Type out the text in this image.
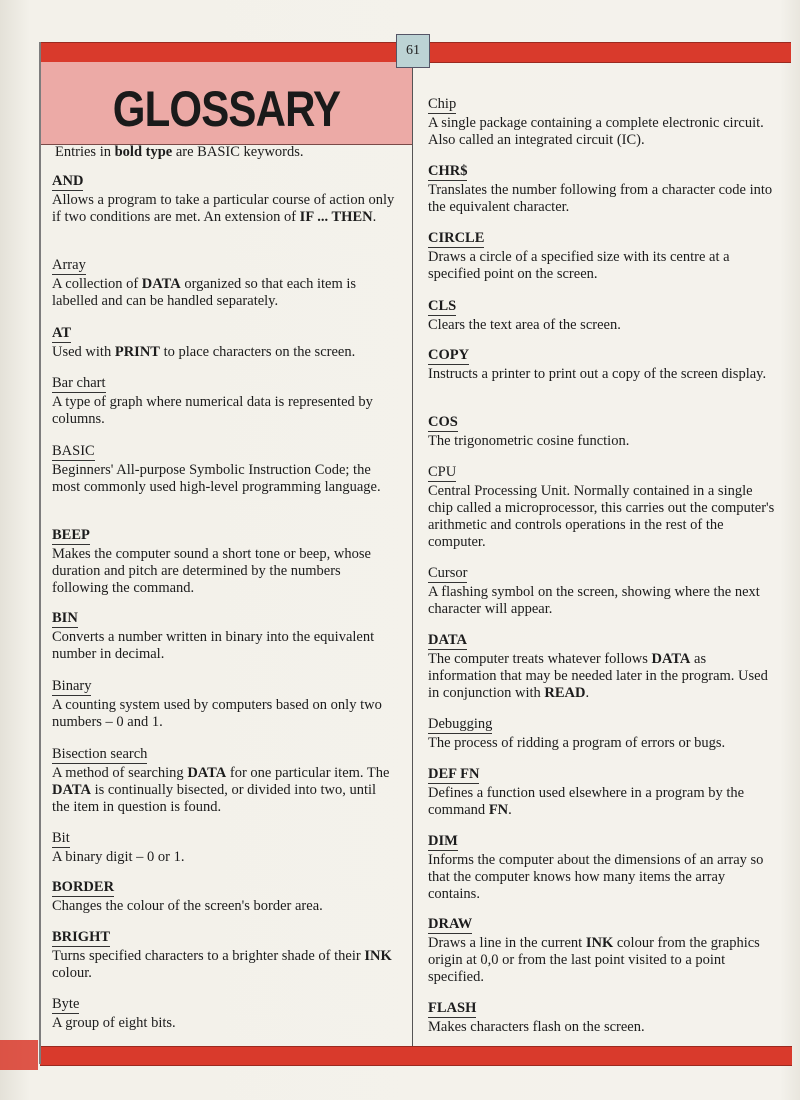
GLOSSARY
61
Entries in bold type are BASIC keywords.
AND

Allows a program to take a particular course of action only if two conditions are met. An extension of IF ... THEN.

Array

A collection of DATA organized so that each item is labelled and can be handled separately.

AT

Used with PRINT to place characters on the screen.

Bar chart

A type of graph where numerical data is represented by columns.

BASIC

Beginners' All-purpose Symbolic Instruction Code; the most commonly used high-level programming language.

BEEP

Makes the computer sound a short tone or beep, whose duration and pitch are determined by the numbers following the command.

BIN

Converts a number written in binary into the equivalent number in decimal.

Binary

A counting system used by computers based on only two numbers – 0 and 1.

Bisection search

A method of searching DATA for one particular item. The DATA is continually bisected, or divided into two, until the item in question is found.

Bit

A binary digit – 0 or 1.

BORDER

Changes the colour of the screen's border area.

BRIGHT

Turns specified characters to a brighter shade of their INK colour.

Byte

A group of eight bits.

Chip

A single package containing a complete electronic circuit. Also called an integrated circuit (IC).

CHR$

Translates the number following from a character code into the equivalent character.

CIRCLE

Draws a circle of a specified size with its centre at a specified point on the screen.

CLS

Clears the text area of the screen.

COPY

Instructs a printer to print out a copy of the screen display.

COS

The trigonometric cosine function.

CPU

Central Processing Unit. Normally contained in a single chip called a microprocessor, this carries out the computer's arithmetic and controls operations in the rest of the computer.

Cursor

A flashing symbol on the screen, showing where the next character will appear.

DATA

The computer treats whatever follows DATA as information that may be needed later in the program. Used in conjunction with READ.

Debugging

The process of ridding a program of errors or bugs.

DEF FN

Defines a function used elsewhere in a program by the command FN.

DIM

Informs the computer about the dimensions of an array so that the computer knows how many items the array contains.

DRAW

Draws a line in the current INK colour from the graphics origin at 0,0 or from the last point visited to a point specified.

FLASH

Makes characters flash on the screen.
